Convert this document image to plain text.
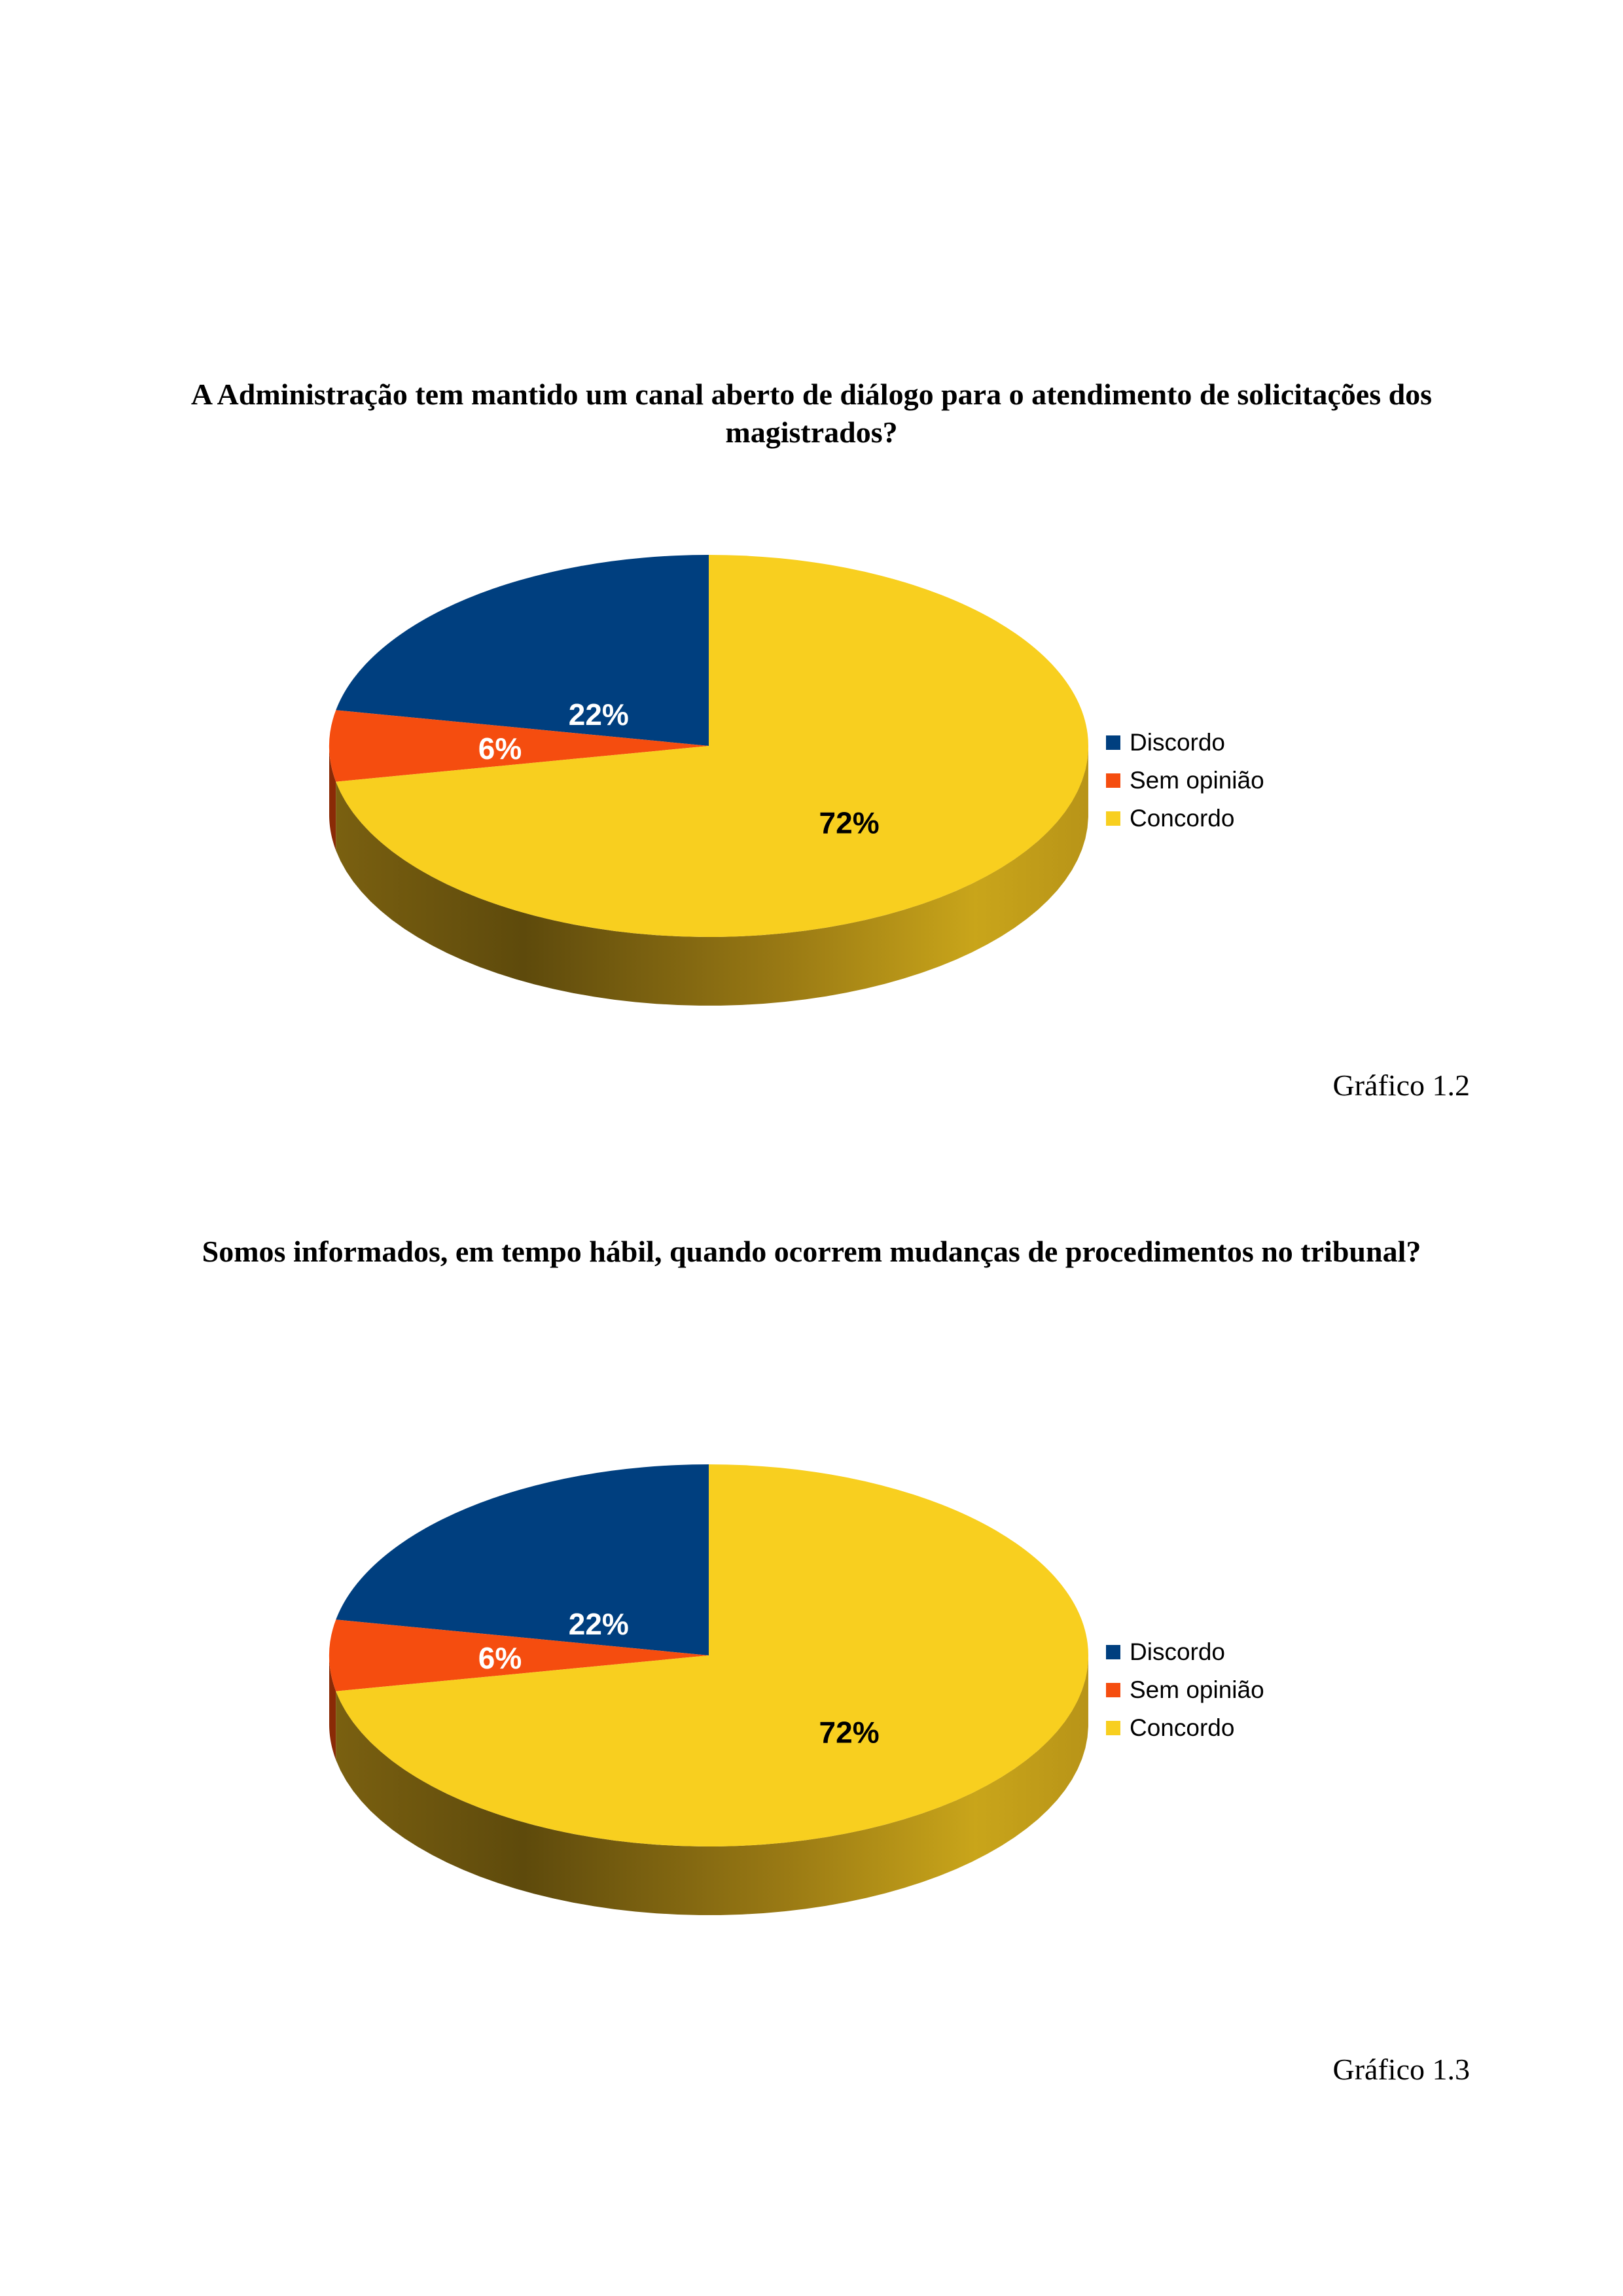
A Administração tem mantido um canal aberto de diálogo para o atendimento de solicitações dos magistrados?
22%
6%
72%
Discordo
Sem opinião
Concordo
Gráfico 1.2
Somos informados, em tempo hábil, quando ocorrem mudanças de procedimentos no tribunal?
22%
6%
72%
Discordo
Sem opinião
Concordo
Gráfico 1.3
